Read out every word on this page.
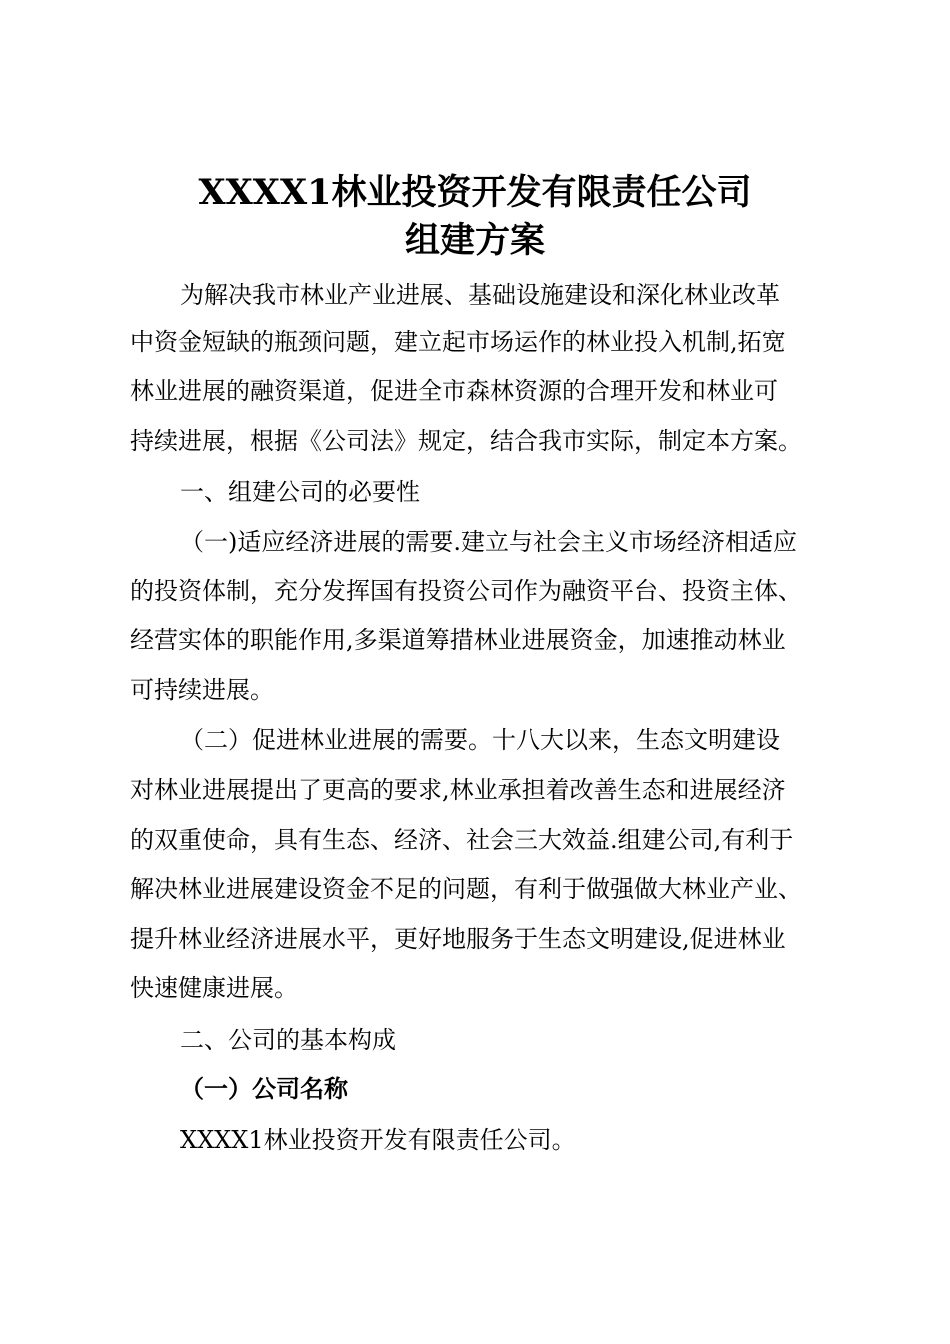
XXXX1林业投资开发有限责任公司
组建方案
为解决我市林业产业进展、基础设施建设和深化林业改革
中资金短缺的瓶颈问题，建立起市场运作的林业投入机制,拓宽
林业进展的融资渠道，促进全市森林资源的合理开发和林业可
持续进展，根据《公司法》规定，结合我市实际，制定本方案。
一、组建公司的必要性
（一)适应经济进展的需要.建立与社会主义市场经济相适应
的投资体制，充分发挥国有投资公司作为融资平台、投资主体、
经营实体的职能作用,多渠道筹措林业进展资金，加速推动林业
可持续进展。
（二）促进林业进展的需要。十八大以来，生态文明建设
对林业进展提出了更高的要求,林业承担着改善生态和进展经济
的双重使命，具有生态、经济、社会三大效益.组建公司,有利于
解决林业进展建设资金不足的问题，有利于做强做大林业产业、
提升林业经济进展水平，更好地服务于生态文明建设,促进林业
快速健康进展。
二、公司的基本构成
（一）公司名称
XXXX1林业投资开发有限责任公司。
